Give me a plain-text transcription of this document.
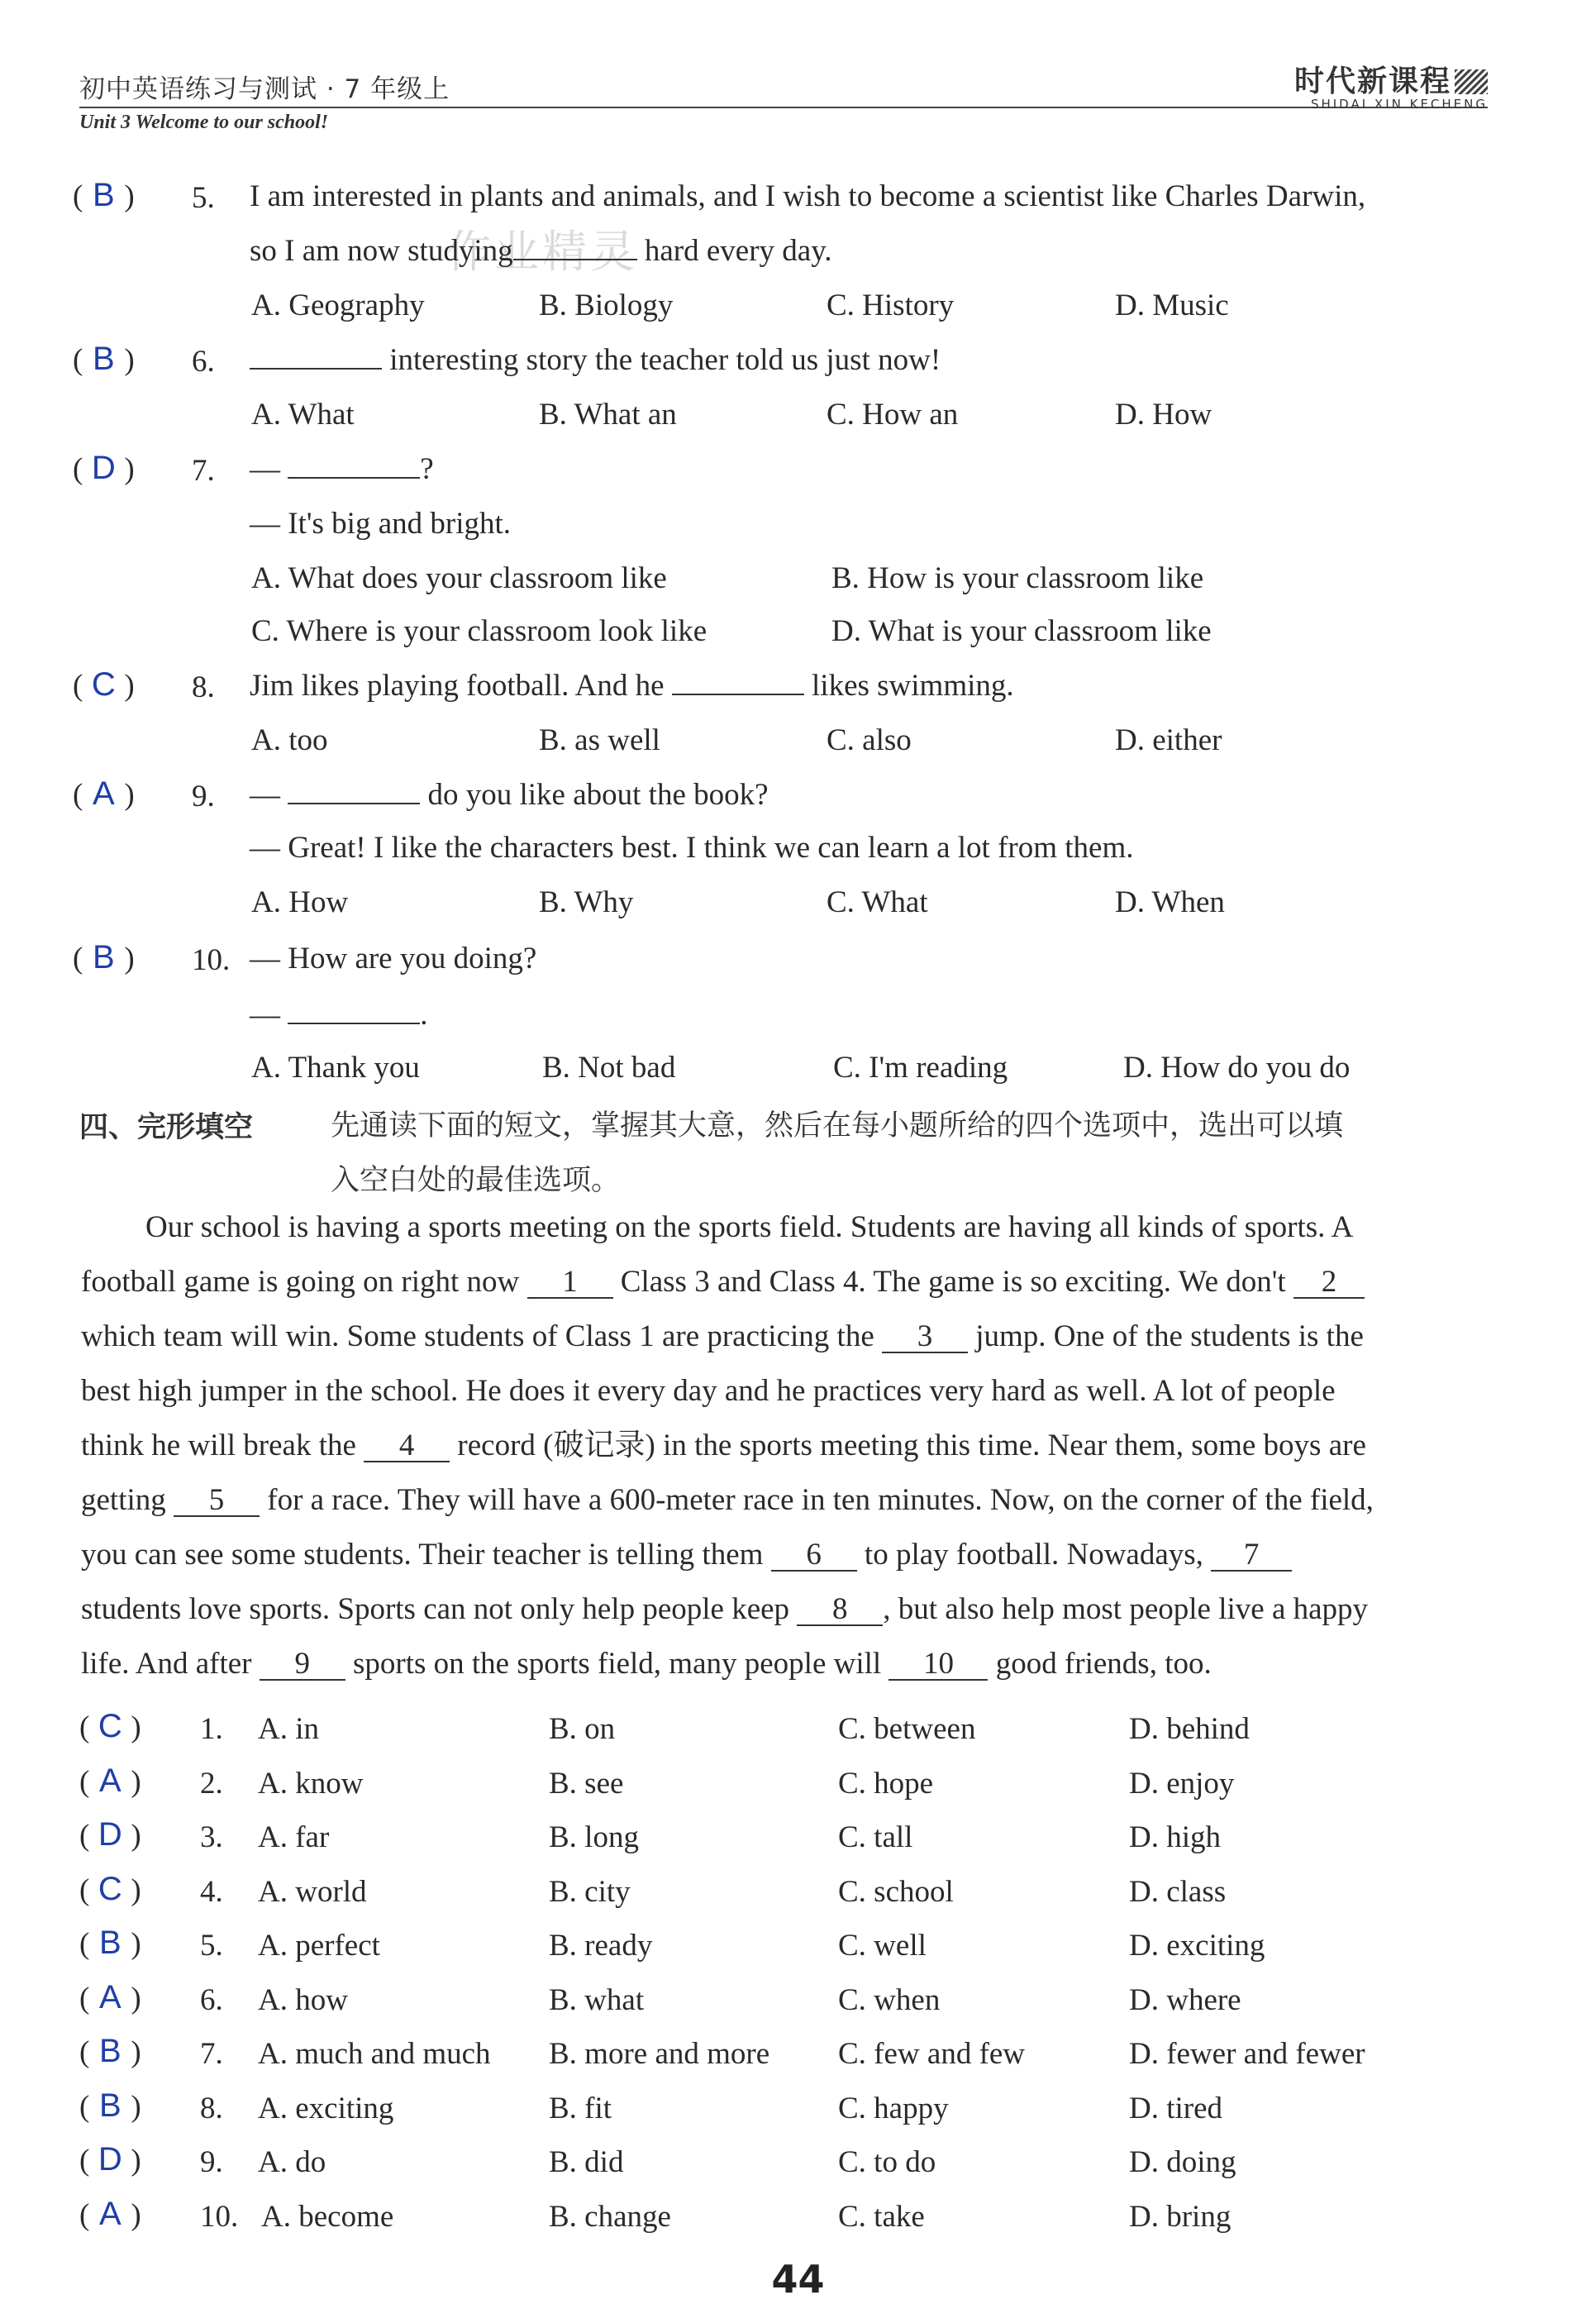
初中英语练习与测试 · 7 年级上
Unit 3 Welcome to our school!
时代新课程
SHIDAI XIN KECHENG
作业精灵
( B ) 5. I am interested in plants and animals, and I wish to become a scientist like Charles Darwin,
so I am now studying	hard every day.
A. Geography	B. Biology	C. History	D. Music
( B ) 6.	interesting story the teacher told us just now!
A. What	B. What an	C. How an	D. How
( D ) 7. —	?
— It's big and bright.
A. What does your classroom like	B. How is your classroom like
C. Where is your classroom look like	D. What is your classroom like
( C ) 8. Jim likes playing football. And he	likes swimming.
A. too	B. as well	C. also	D. either
( A ) 9. —	do you like about the book?
— Great! I like the characters best. I think we can learn a lot from them.
A. How	B. Why	C. What	D. When
( B ) 10. — How are you doing?
—	.
A. Thank you	B. Not bad	C. I'm reading	D. How do you do
四、完形填空	先通读下面的短文，掌握其大意，然后在每小题所给的四个选项中，选出可以填
入空白处的最佳选项。
Our school is having a sports meeting on the sports field. Students are having all kinds of sports. A
football game is going on right now 1 Class 3 and Class 4. The game is so exciting. We don't 2
which team will win. Some students of Class 1 are practicing the 3 jump. One of the students is the
best high jumper in the school. He does it every day and he practices very hard as well. A lot of people
think he will break the 4 record (破记录) in the sports meeting this time. Near them, some boys are
getting 5 for a race. They will have a 600-meter race in ten minutes. Now, on the corner of the field,
you can see some students. Their teacher is telling them 6 to play football. Nowadays, 7
students love sports. Sports can not only help people keep 8 , but also help most people live a happy
life. And after 9 sports on the sports field, many people will 10 good friends, too.
( C ) 1. A. in	B. on	C. between	D. behind
( A ) 2. A. know	B. see	C. hope	D. enjoy
( D ) 3. A. far	B. long	C. tall	D. high
( C ) 4. A. world	B. city	C. school	D. class
( B ) 5. A. perfect	B. ready	C. well	D. exciting
( A ) 6. A. how	B. what	C. when	D. where
( B ) 7. A. much and much B. more and more C. few and few	D. fewer and fewer
( B ) 8. A. exciting	B. fit	C. happy	D. tired
( D ) 9. A. do	B. did	C. to do	D. doing
( A ) 10. A. become	B. change	C. take	D. bring
44
